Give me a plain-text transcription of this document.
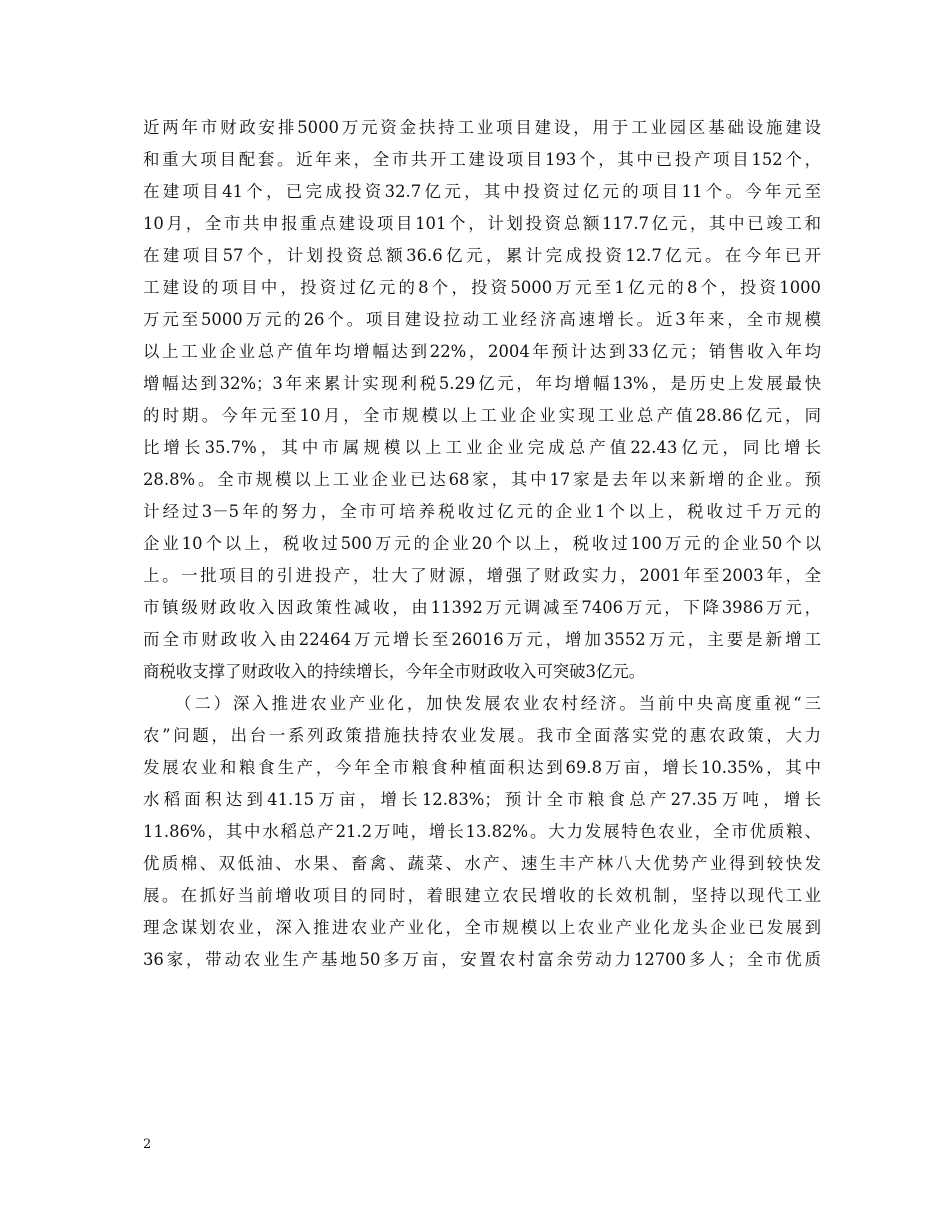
近两年市财政安排5000万元资金扶持工业项目建设，用于工业园区基础设施建设
和重大项目配套。近年来，全市共开工建设项目193个，其中已投产项目152个，
在建项目41个，已完成投资32.7亿元，其中投资过亿元的项目11个。今年元至
10月，全市共申报重点建设项目101个，计划投资总额117.7亿元，其中已竣工和
在建项目57个，计划投资总额36.6亿元，累计完成投资12.7亿元。在今年已开
工建设的项目中，投资过亿元的8个，投资5000万元至1亿元的8个，投资1000
万元至5000万元的26个。项目建设拉动工业经济高速增长。近3年来，全市规模
以上工业企业总产值年均增幅达到22%，2004年预计达到33亿元；销售收入年均
增幅达到32%；3年来累计实现利税5.29亿元，年均增幅13%，是历史上发展最快
的时期。今年元至10月，全市规模以上工业企业实现工业总产值28.86亿元，同
比增长35.7%，其中市属规模以上工业企业完成总产值22.43亿元，同比增长
28.8%。全市规模以上工业企业已达68家，其中17家是去年以来新增的企业。预
计经过3－5年的努力，全市可培养税收过亿元的企业1个以上，税收过千万元的
企业10个以上，税收过500万元的企业20个以上，税收过100万元的企业50个以
上。一批项目的引进投产，壮大了财源，增强了财政实力，2001年至2003年，全
市镇级财政收入因政策性减收，由11392万元调减至7406万元，下降3986万元，
而全市财政收入由22464万元增长至26016万元，增加3552万元，主要是新增工
商税收支撑了财政收入的持续增长，今年全市财政收入可突破3亿元。
（二）深入推进农业产业化，加快发展农业农村经济。当前中央高度重视“三
农”问题，出台一系列政策措施扶持农业发展。我市全面落实党的惠农政策，大力
发展农业和粮食生产，今年全市粮食种植面积达到69.8万亩，增长10.35%，其中
水稻面积达到41.15万亩，增长12.83%；预计全市粮食总产27.35万吨，增长
11.86%，其中水稻总产21.2万吨，增长13.82%。大力发展特色农业，全市优质粮、
优质棉、双低油、水果、畜禽、蔬菜、水产、速生丰产林八大优势产业得到较快发
展。在抓好当前增收项目的同时，着眼建立农民增收的长效机制，坚持以现代工业
理念谋划农业，深入推进农业产业化，全市规模以上农业产业化龙头企业已发展到
36家，带动农业生产基地50多万亩，安置农村富余劳动力12700多人；全市优质
2
